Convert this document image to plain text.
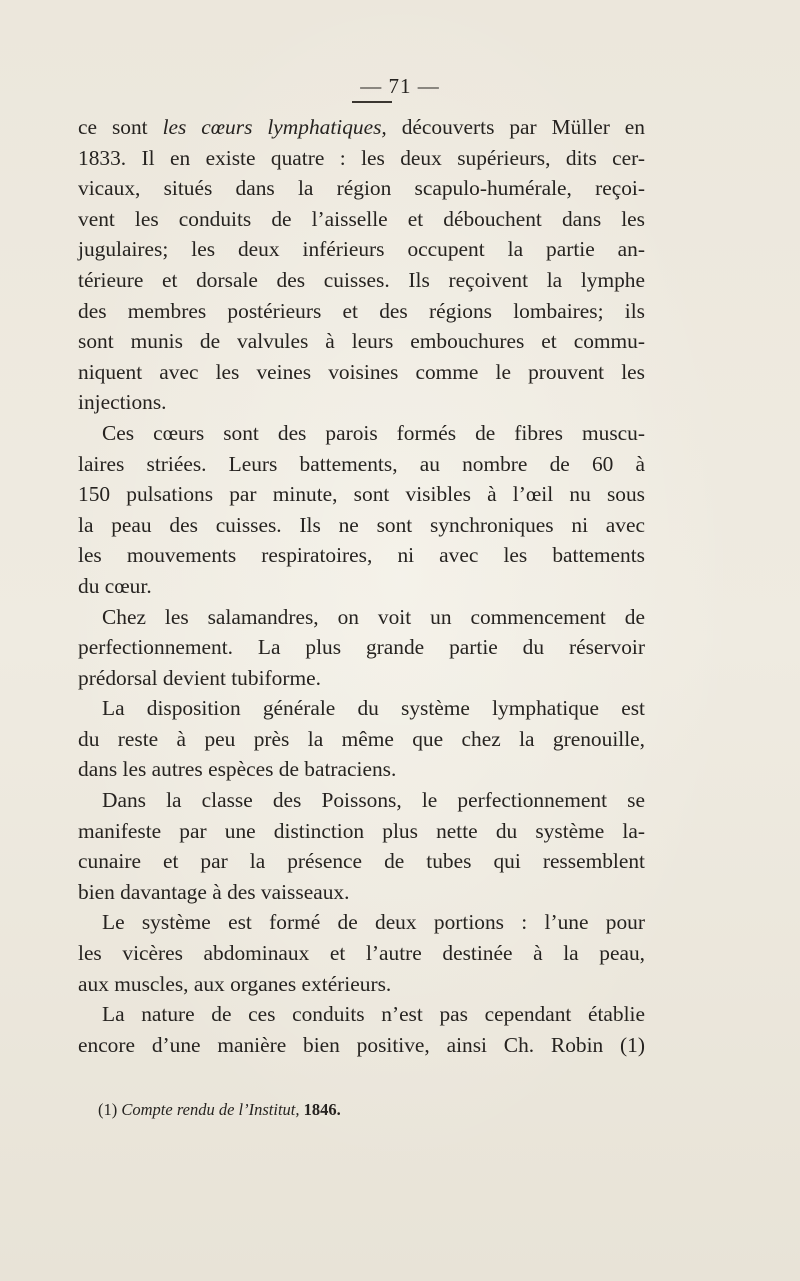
— 71 —
ce sont les cœurs lymphatiques, découverts par Müller en
1833. Il en existe quatre : les deux supérieurs, dits cer-
vicaux, situés dans la région scapulo-humérale, reçoi-
vent les conduits de l’aisselle et débouchent dans les
jugulaires; les deux inférieurs occupent la partie an-
térieure et dorsale des cuisses. Ils reçoivent la lymphe
des membres postérieurs et des régions lombaires; ils
sont munis de valvules à leurs embouchures et commu-
niquent avec les veines voisines comme le prouvent les
injections.
Ces cœurs sont des parois formés de fibres muscu-
laires striées. Leurs battements, au nombre de 60 à
150 pulsations par minute, sont visibles à l’œil nu sous
la peau des cuisses. Ils ne sont synchroniques ni avec
les mouvements respiratoires, ni avec les battements
du cœur.
Chez les salamandres, on voit un commencement de
perfectionnement. La plus grande partie du réservoir
prédorsal devient tubiforme.
La disposition générale du système lymphatique est
du reste à peu près la même que chez la grenouille,
dans les autres espèces de batraciens.
Dans la classe des Poissons, le perfectionnement se
manifeste par une distinction plus nette du système la-
cunaire et par la présence de tubes qui ressemblent
bien davantage à des vaisseaux.
Le système est formé de deux portions : l’une pour
les vicères abdominaux et l’autre destinée à la peau,
aux muscles, aux organes extérieurs.
La nature de ces conduits n’est pas cependant établie
encore d’une manière bien positive, ainsi Ch. Robin (1)
(1) Compte rendu de l’Institut, 1846.
